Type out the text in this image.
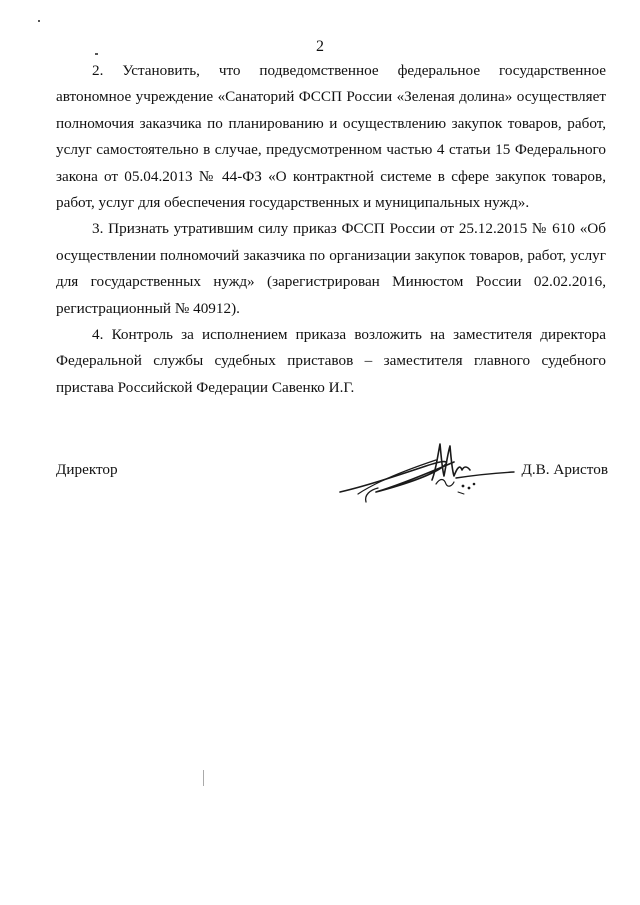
2

2. Установить, что подведомственное федеральное государственное автономное учреждение «Санаторий ФССП России «Зеленая долина» осуществляет полномочия заказчика по планированию и осуществлению закупок товаров, работ, услуг самостоятельно в случае, предусмотренном частью 4 статьи 15 Федерального закона от 05.04.2013 № 44-ФЗ «О контрактной системе в сфере закупок товаров, работ, услуг для обеспечения государственных и муниципальных нужд».

3. Признать утратившим силу приказ ФССП России от 25.12.2015 № 610 «Об осуществлении полномочий заказчика по организации закупок товаров, работ, услуг для государственных нужд» (зарегистрирован Минюстом России 02.02.2016, регистрационный № 40912).

4. Контроль за исполнением приказа возложить на заместителя директора Федеральной службы судебных приставов – заместителя главного судебного пристава Российской Федерации Савенко И.Г.

Директор	Д.В. Аристов
